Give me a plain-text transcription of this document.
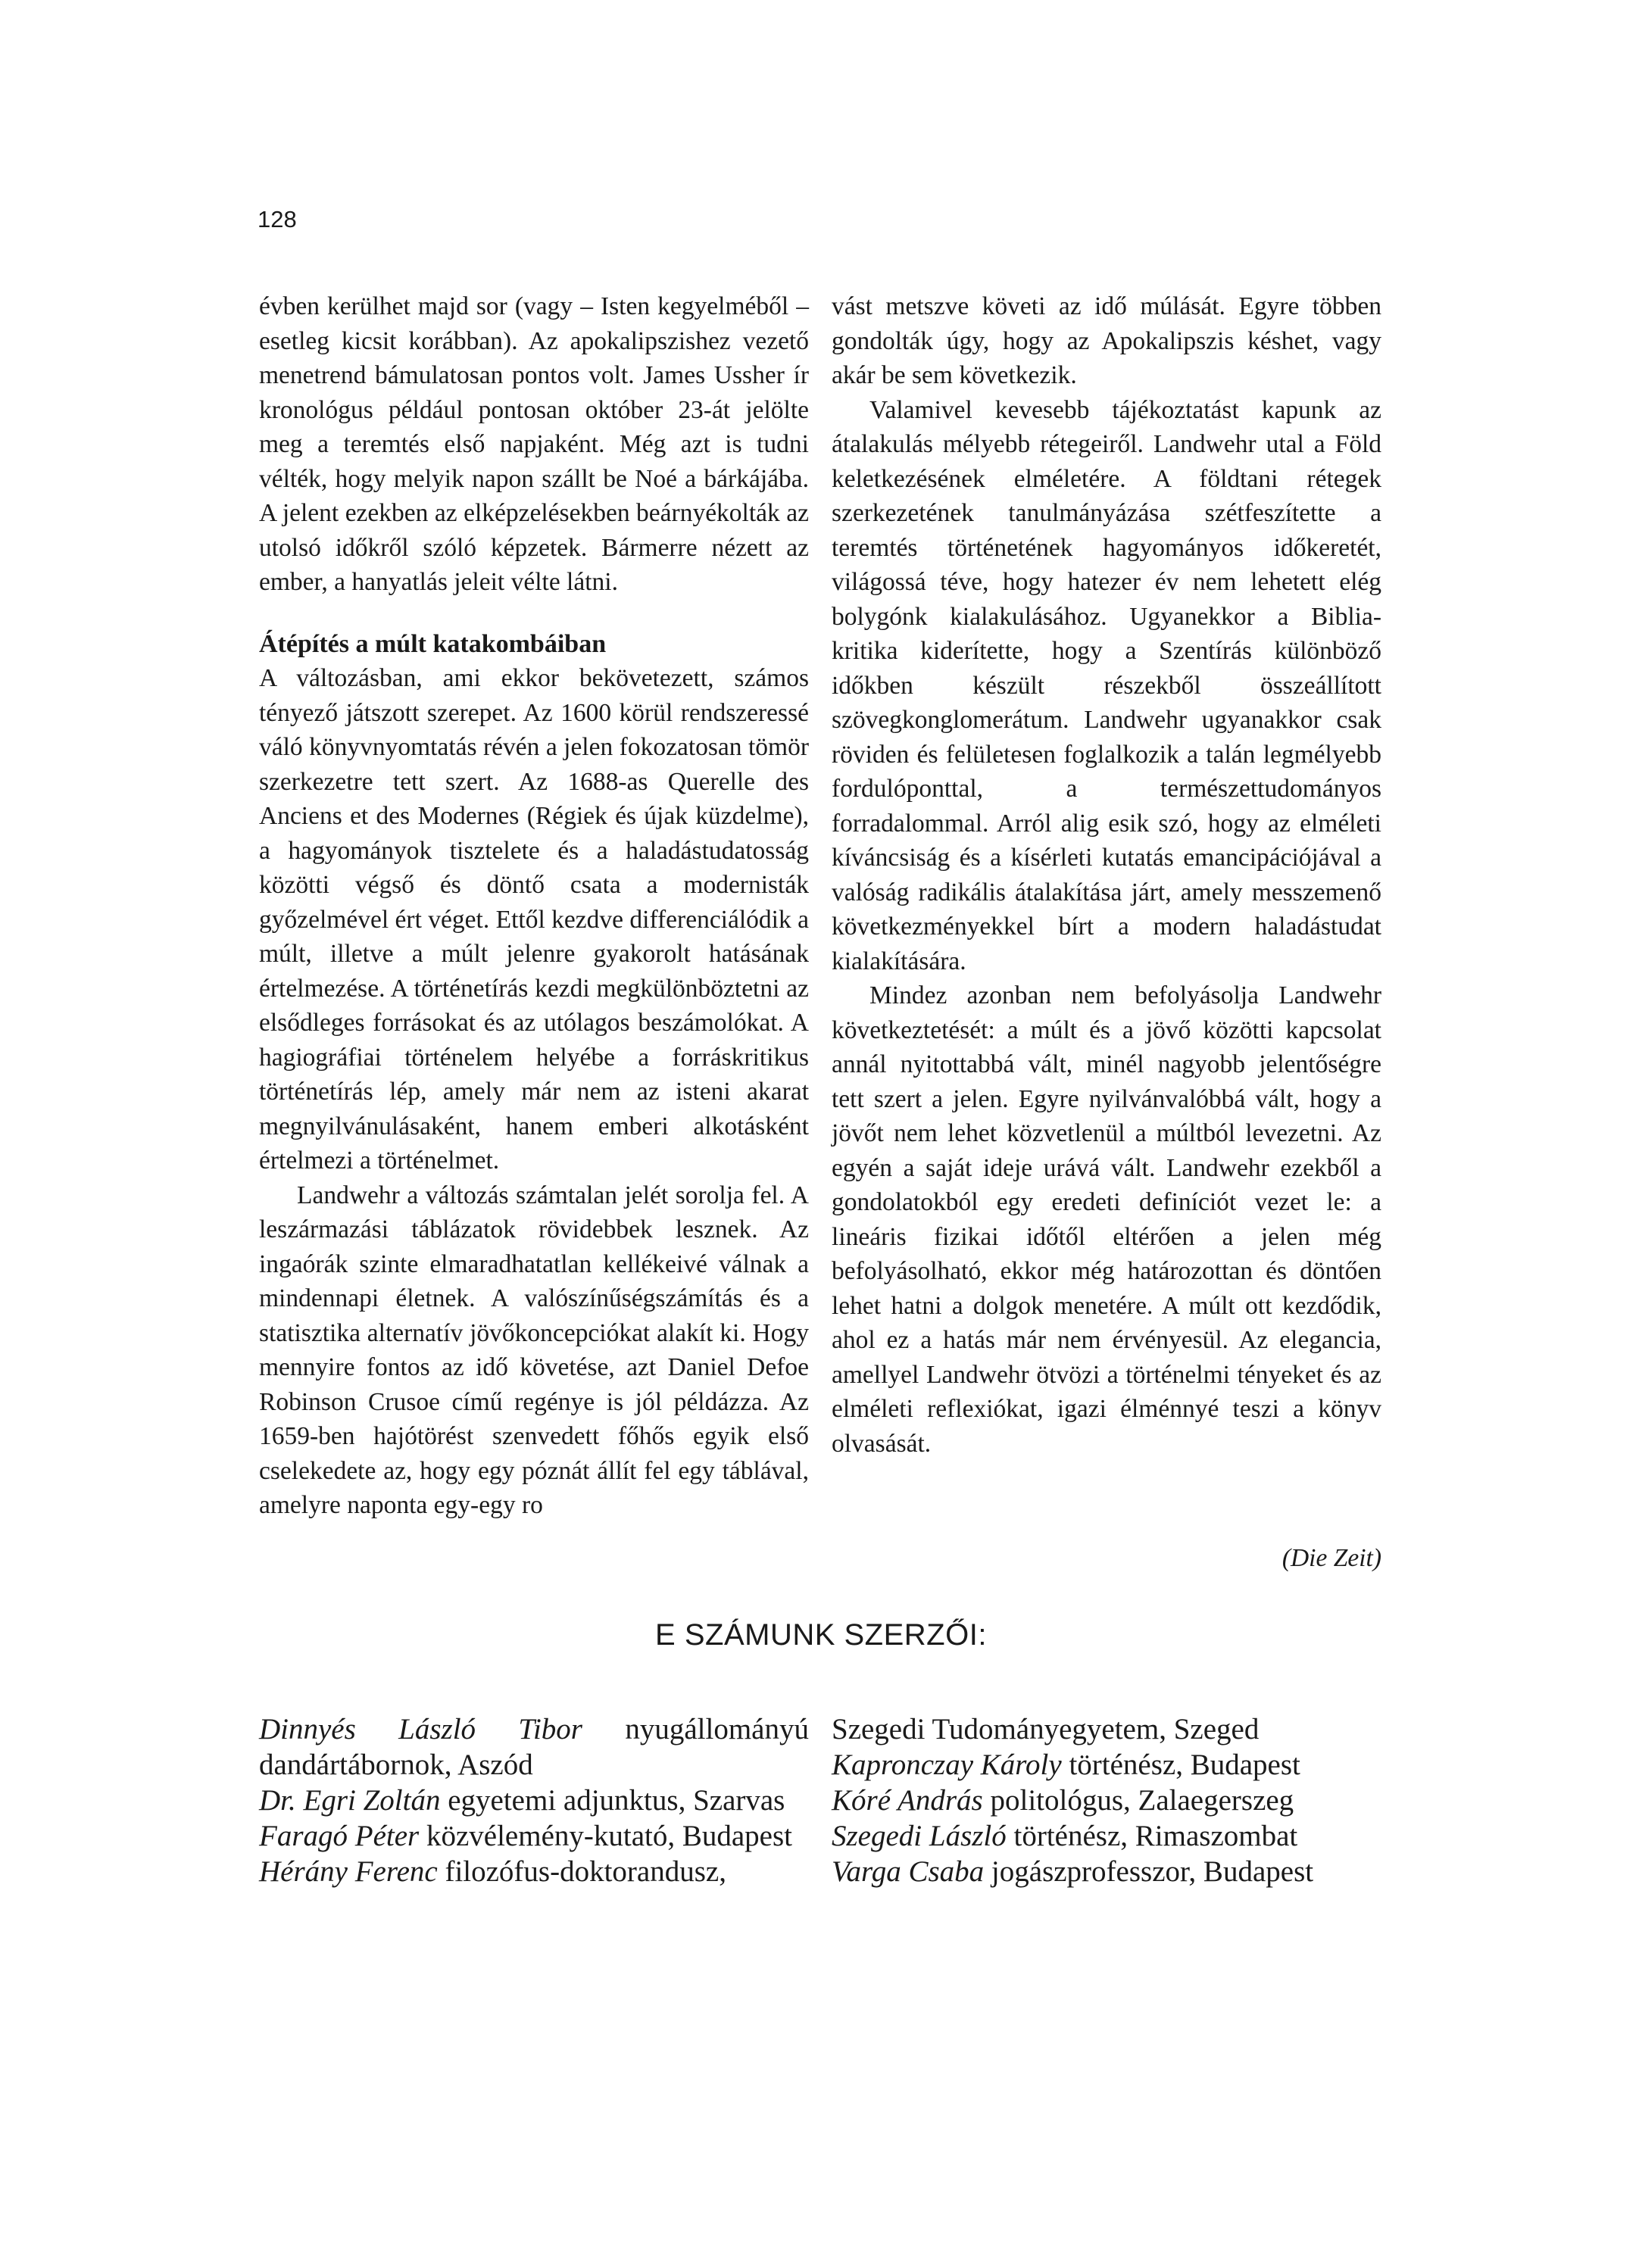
128

évben kerülhet majd sor (vagy – Isten kegyelméből – esetleg kicsit korábban). Az apokalipszishez vezető menetrend bámulatosan pontos volt. James Ussher ír kronológus például pontosan október 23-át jelölte meg a teremtés első napjaként. Még azt is tudni vélték, hogy melyik napon szállt be Noé a bárkájába. A jelent ezekben az elképzelésekben beárnyékolták az utolsó időkről szóló képzetek. Bármerre nézett az ember, a hanyatlás jeleit vélte látni.

Átépítés a múlt katakombáiban

A változásban, ami ekkor bekövetezett, számos tényező játszott szerepet. Az 1600 körül rendszeressé váló könyvnyomtatás révén a jelen fokozatosan tömör szerkezetre tett szert. Az 1688-as Querelle des Anciens et des Modernes (Régiek és újak küzdelme), a hagyományok tisztelete és a haladástudatosság közötti végső és döntő csata a modernisták győzelmével ért véget. Ettől kezdve differenciálódik a múlt, illetve a múlt jelenre gyakorolt hatásának értelmezése. A történetírás kezdi megkülönböztetni az elsődleges forrásokat és az utólagos beszámolókat. A hagiográfiai történelem helyébe a forráskritikus történetírás lép, amely már nem az isteni akarat megnyilvánulásaként, hanem emberi alkotásként értelmezi a történelmet.

Landwehr a változás számtalan jelét sorolja fel. A leszármazási táblázatok rövidebbek lesznek. Az ingaórák szinte elmaradhatatlan kellékeivé válnak a mindennapi életnek. A valószínűségszámítás és a statisztika alternatív jövőkoncepciókat alakít ki. Hogy mennyire fontos az idő követése, azt Daniel Defoe Robinson Crusoe című regénye is jól példázza. Az 1659-ben hajótörést szenvedett főhős egyik első cselekedete az, hogy egy póznát állít fel egy táblával, amelyre naponta egy-egy ro

vást metszve követi az idő múlását. Egyre többen gondolták úgy, hogy az Apokalipszis késhet, vagy akár be sem következik.

Valamivel kevesebb tájékoztatást kapunk az átalakulás mélyebb rétegeiről. Landwehr utal a Föld keletkezésének elméletére. A földtani rétegek szerkezetének tanulmányázása szétfeszítette a teremtés történetének hagyományos időkeretét, világossá téve, hogy hatezer év nem lehetett elég bolygónk kialakulásához. Ugyanekkor a Biblia-kritika kiderítette, hogy a Szentírás különböző időkben készült részekből összeállított szövegkonglomerátum. Landwehr ugyanakkor csak röviden és felületesen foglalkozik a talán legmélyebb fordulóponttal, a természettudományos forradalommal. Arról alig esik szó, hogy az elméleti kíváncsiság és a kísérleti kutatás emancipációjával a valóság radikális átalakítása járt, amely messzemenő következményekkel bírt a modern haladástudat kialakítására.

Mindez azonban nem befolyásolja Landwehr következtetését: a múlt és a jövő közötti kapcsolat annál nyitottabbá vált, minél nagyobb jelentőségre tett szert a jelen. Egyre nyilvánvalóbbá vált, hogy a jövőt nem lehet közvetlenül a múltból levezetni. Az egyén a saját ideje urává vált. Landwehr ezekből a gondolatokból egy eredeti definíciót vezet le: a lineáris fizikai időtől eltérően a jelen még befolyásolható, ekkor még határozottan és döntően lehet hatni a dolgok menetére. A múlt ott kezdődik, ahol ez a hatás már nem érvényesül. Az elegancia, amellyel Landwehr ötvözi a történelmi tényeket és az elméleti reflexiókat, igazi élménnyé teszi a könyv olvasását.

(Die Zeit)
E SZÁMUNK SZERZŐI:
Dinnyés László Tibor nyugállományú dandártábornok, Aszód
Dr. Egri Zoltán egyetemi adjunktus, Szarvas
Faragó Péter közvélemény-kutató, Budapest
Hérány Ferenc filozófus-doktorandusz,
Szegedi Tudományegyetem, Szeged
Kapronczay Károly történész, Budapest
Kóré András politológus, Zalaegerszeg
Szegedi László történész, Rimaszombat
Varga Csaba jogászprofesszor, Budapest
